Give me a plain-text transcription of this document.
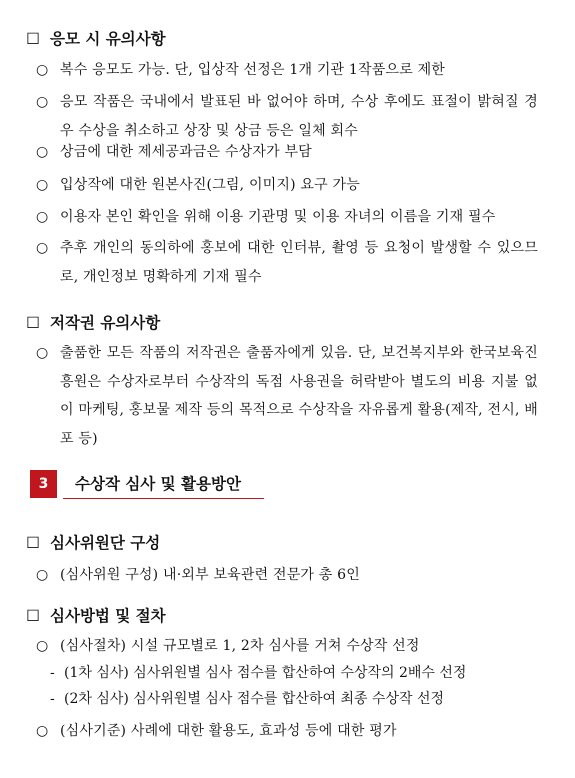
☐ 응모 시 유의사항
○ 복수 응모도 가능. 단, 입상작 선정은 1개 기관 1작품으로 제한
○ 응모 작품은 국내에서 발표된 바 없어야 하며, 수상 후에도 표절이 밝혀질 경우 수상을 취소하고 상장 및 상금 등은 일체 회수
○ 상금에 대한 제세공과금은 수상자가 부담
○ 입상작에 대한 원본사진(그림, 이미지) 요구 가능
○ 이용자 본인 확인을 위해 이용 기관명 및 이용 자녀의 이름을 기재 필수
○ 추후 개인의 동의하에 홍보에 대한 인터뷰, 촬영 등 요청이 발생할 수 있으므로, 개인정보 명확하게 기재 필수
☐ 저작권 유의사항
○ 출품한 모든 작품의 저작권은 출품자에게 있음. 단, 보건복지부와 한국보육진흥원은 수상자로부터 수상작의 독점 사용권을 허락받아 별도의 비용 지불 없이 마케팅, 홍보물 제작 등의 목적으로 수상작을 자유롭게 활용(제작, 전시, 배포 등)
3	수상작 심사 및 활용방안
☐ 심사위원단 구성
○ (심사위원 구성) 내·외부 보육관련 전문가 총 6인
☐ 심사방법 및 절차
○ (심사절차) 시설 규모별로 1, 2차 심사를 거쳐 수상작 선정
- (1차 심사) 심사위원별 심사 점수를 합산하여 수상작의 2배수 선정
- (2차 심사) 심사위원별 심사 점수를 합산하여 최종 수상작 선정
○ (심사기준) 사례에 대한 활용도, 효과성 등에 대한 평가
